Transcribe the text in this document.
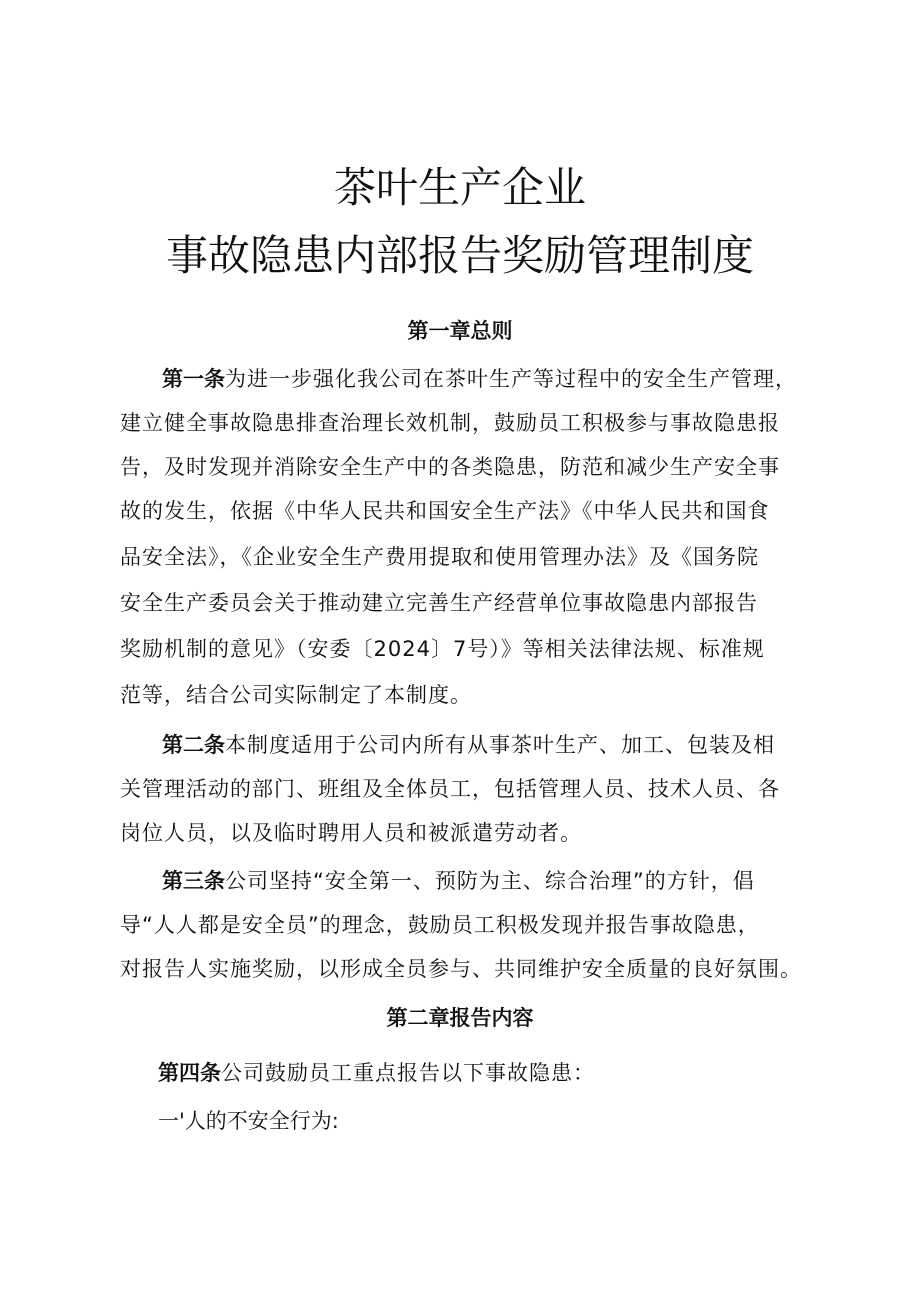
茶叶生产企业
事故隐患内部报告奖励管理制度
第一章总则

第一条为进一步强化我公司在茶叶生产等过程中的安全生产管理，

建立健全事故隐患排查治理长效机制，鼓励员工积极参与事故隐患报

告，及时发现并消除安全生产中的各类隐患，防范和减少生产安全事

故的发生，依据《中华人民共和国安全生产法》《中华人民共和国食

品安全法》，《企业安全生产费用提取和使用管理办法》及《国务院

安全生产委员会关于推动建立完善生产经营单位事故隐患内部报告

奖励机制的意见》（安委〔2024〕7号）》等相关法律法规、标准规

范等，结合公司实际制定了本制度。

第二条本制度适用于公司内所有从事茶叶生产、加工、包装及相

关管理活动的部门、班组及全体员工，包括管理人员、技术人员、各

岗位人员，以及临时聘用人员和被派遣劳动者。

第三条公司坚持“安全第一、预防为主、综合治理”的方针，倡

导“人人都是安全员”的理念，鼓励员工积极发现并报告事故隐患，

对报告人实施奖励，以形成全员参与、共同维护安全质量的良好氛围。

第二章报告内容

第四条公司鼓励员工重点报告以下事故隐患：

一'人的不安全行为:
